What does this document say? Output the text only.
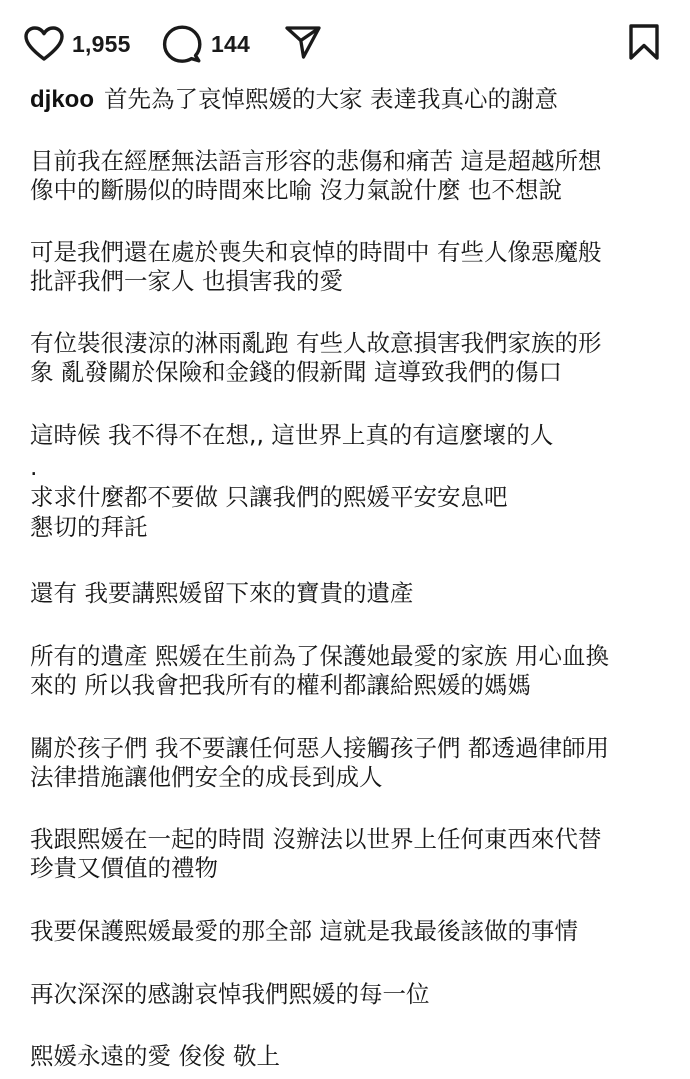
1,955	144
djkoo 首先為了哀悼熙媛的大家 表達我真心的謝意
目前我在經歷無法語言形容的悲傷和痛苦 這是超越所想
像中的斷腸似的時間來比喻 沒力氣說什麼 也不想說
可是我們還在處於喪失和哀悼的時間中 有些人像惡魔般
批評我們一家人 也損害我的愛
有位裝很淒涼的淋雨亂跑 有些人故意損害我們家族的形
象 亂發關於保險和金錢的假新聞 這導致我們的傷口
這時候 我不得不在想,, 這世界上真的有這麼壞的人
.
求求什麼都不要做 只讓我們的熙媛平安安息吧
懇切的拜託
還有 我要講熙媛留下來的寶貴的遺產
所有的遺產 熙媛在生前為了保護她最愛的家族 用心血換
來的 所以我會把我所有的權利都讓給熙媛的媽媽
關於孩子們 我不要讓任何惡人接觸孩子們 都透過律師用
法律措施讓他們安全的成長到成人
我跟熙媛在一起的時間 沒辦法以世界上任何東西來代替
珍貴又價值的禮物
我要保護熙媛最愛的那全部 這就是我最後該做的事情
再次深深的感謝哀悼我們熙媛的每一位
熙媛永遠的愛 俊俊 敬上
